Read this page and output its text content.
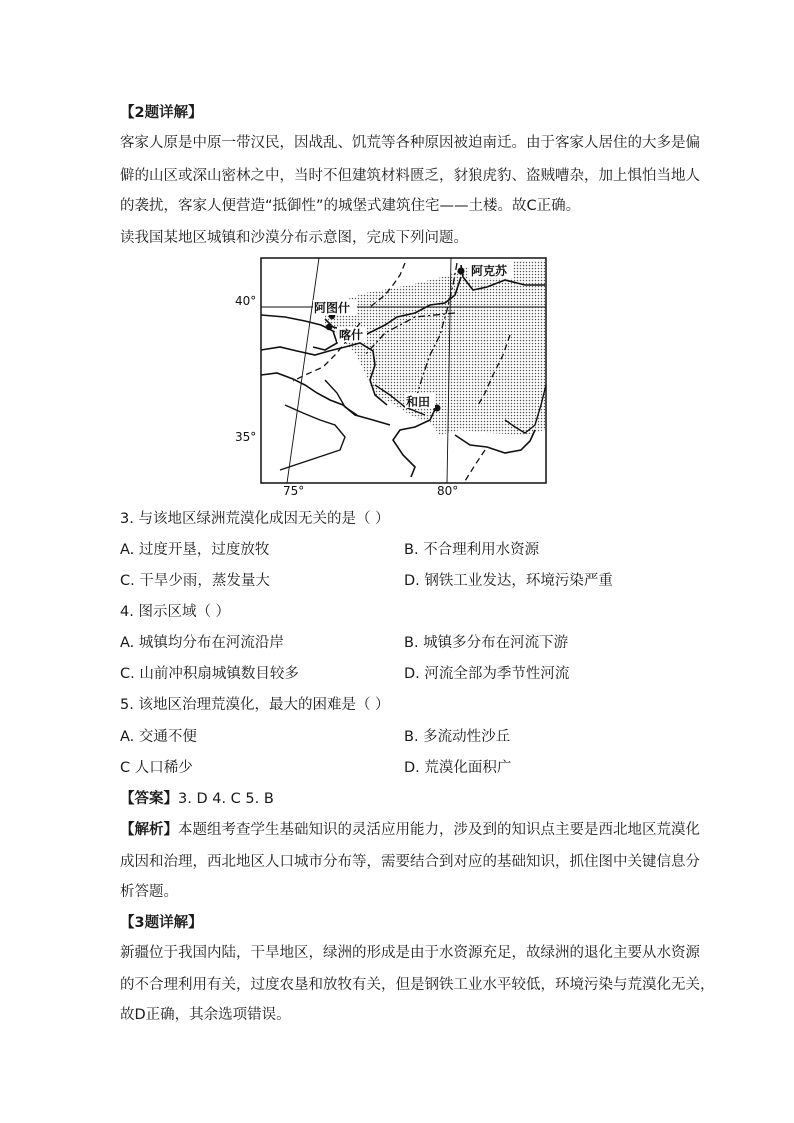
【2题详解】
客家人原是中原一带汉民，因战乱、饥荒等各种原因被迫南迁。由于客家人居住的大多是偏
僻的山区或深山密林之中，当时不但建筑材料匮乏，豺狼虎豹、盗贼嘈杂，加上惧怕当地人
的袭扰，客家人便营造“抵御性”的城堡式建筑住宅——土楼。故C正确。
读我国某地区城镇和沙漠分布示意图，完成下列问题。
阿克苏
阿图什
喀什
和田
40°
35°
75°	80°
3. 与该地区绿洲荒漠化成因无关的是（ ）
A. 过度开垦，过度放牧	B. 不合理利用水资源
C. 干旱少雨，蒸发量大	D. 钢铁工业发达，环境污染严重
4. 图示区域（ ）
A. 城镇均分布在河流沿岸	B. 城镇多分布在河流下游
C. 山前冲积扇城镇数目较多	D. 河流全部为季节性河流
5. 该地区治理荒漠化，最大的困难是（ ）
A. 交通不便	B. 多流动性沙丘
C 人口稀少	D. 荒漠化面积广
【答案】3. D 4. C 5. B
【解析】本题组考查学生基础知识的灵活应用能力，涉及到的知识点主要是西北地区荒漠化
成因和治理，西北地区人口城市分布等，需要结合到对应的基础知识，抓住图中关键信息分
析答题。
【3题详解】
新疆位于我国内陆，干旱地区，绿洲的形成是由于水资源充足，故绿洲的退化主要从水资源
的不合理利用有关，过度农垦和放牧有关，但是钢铁工业水平较低，环境污染与荒漠化无关，
故D正确，其余选项错误。
